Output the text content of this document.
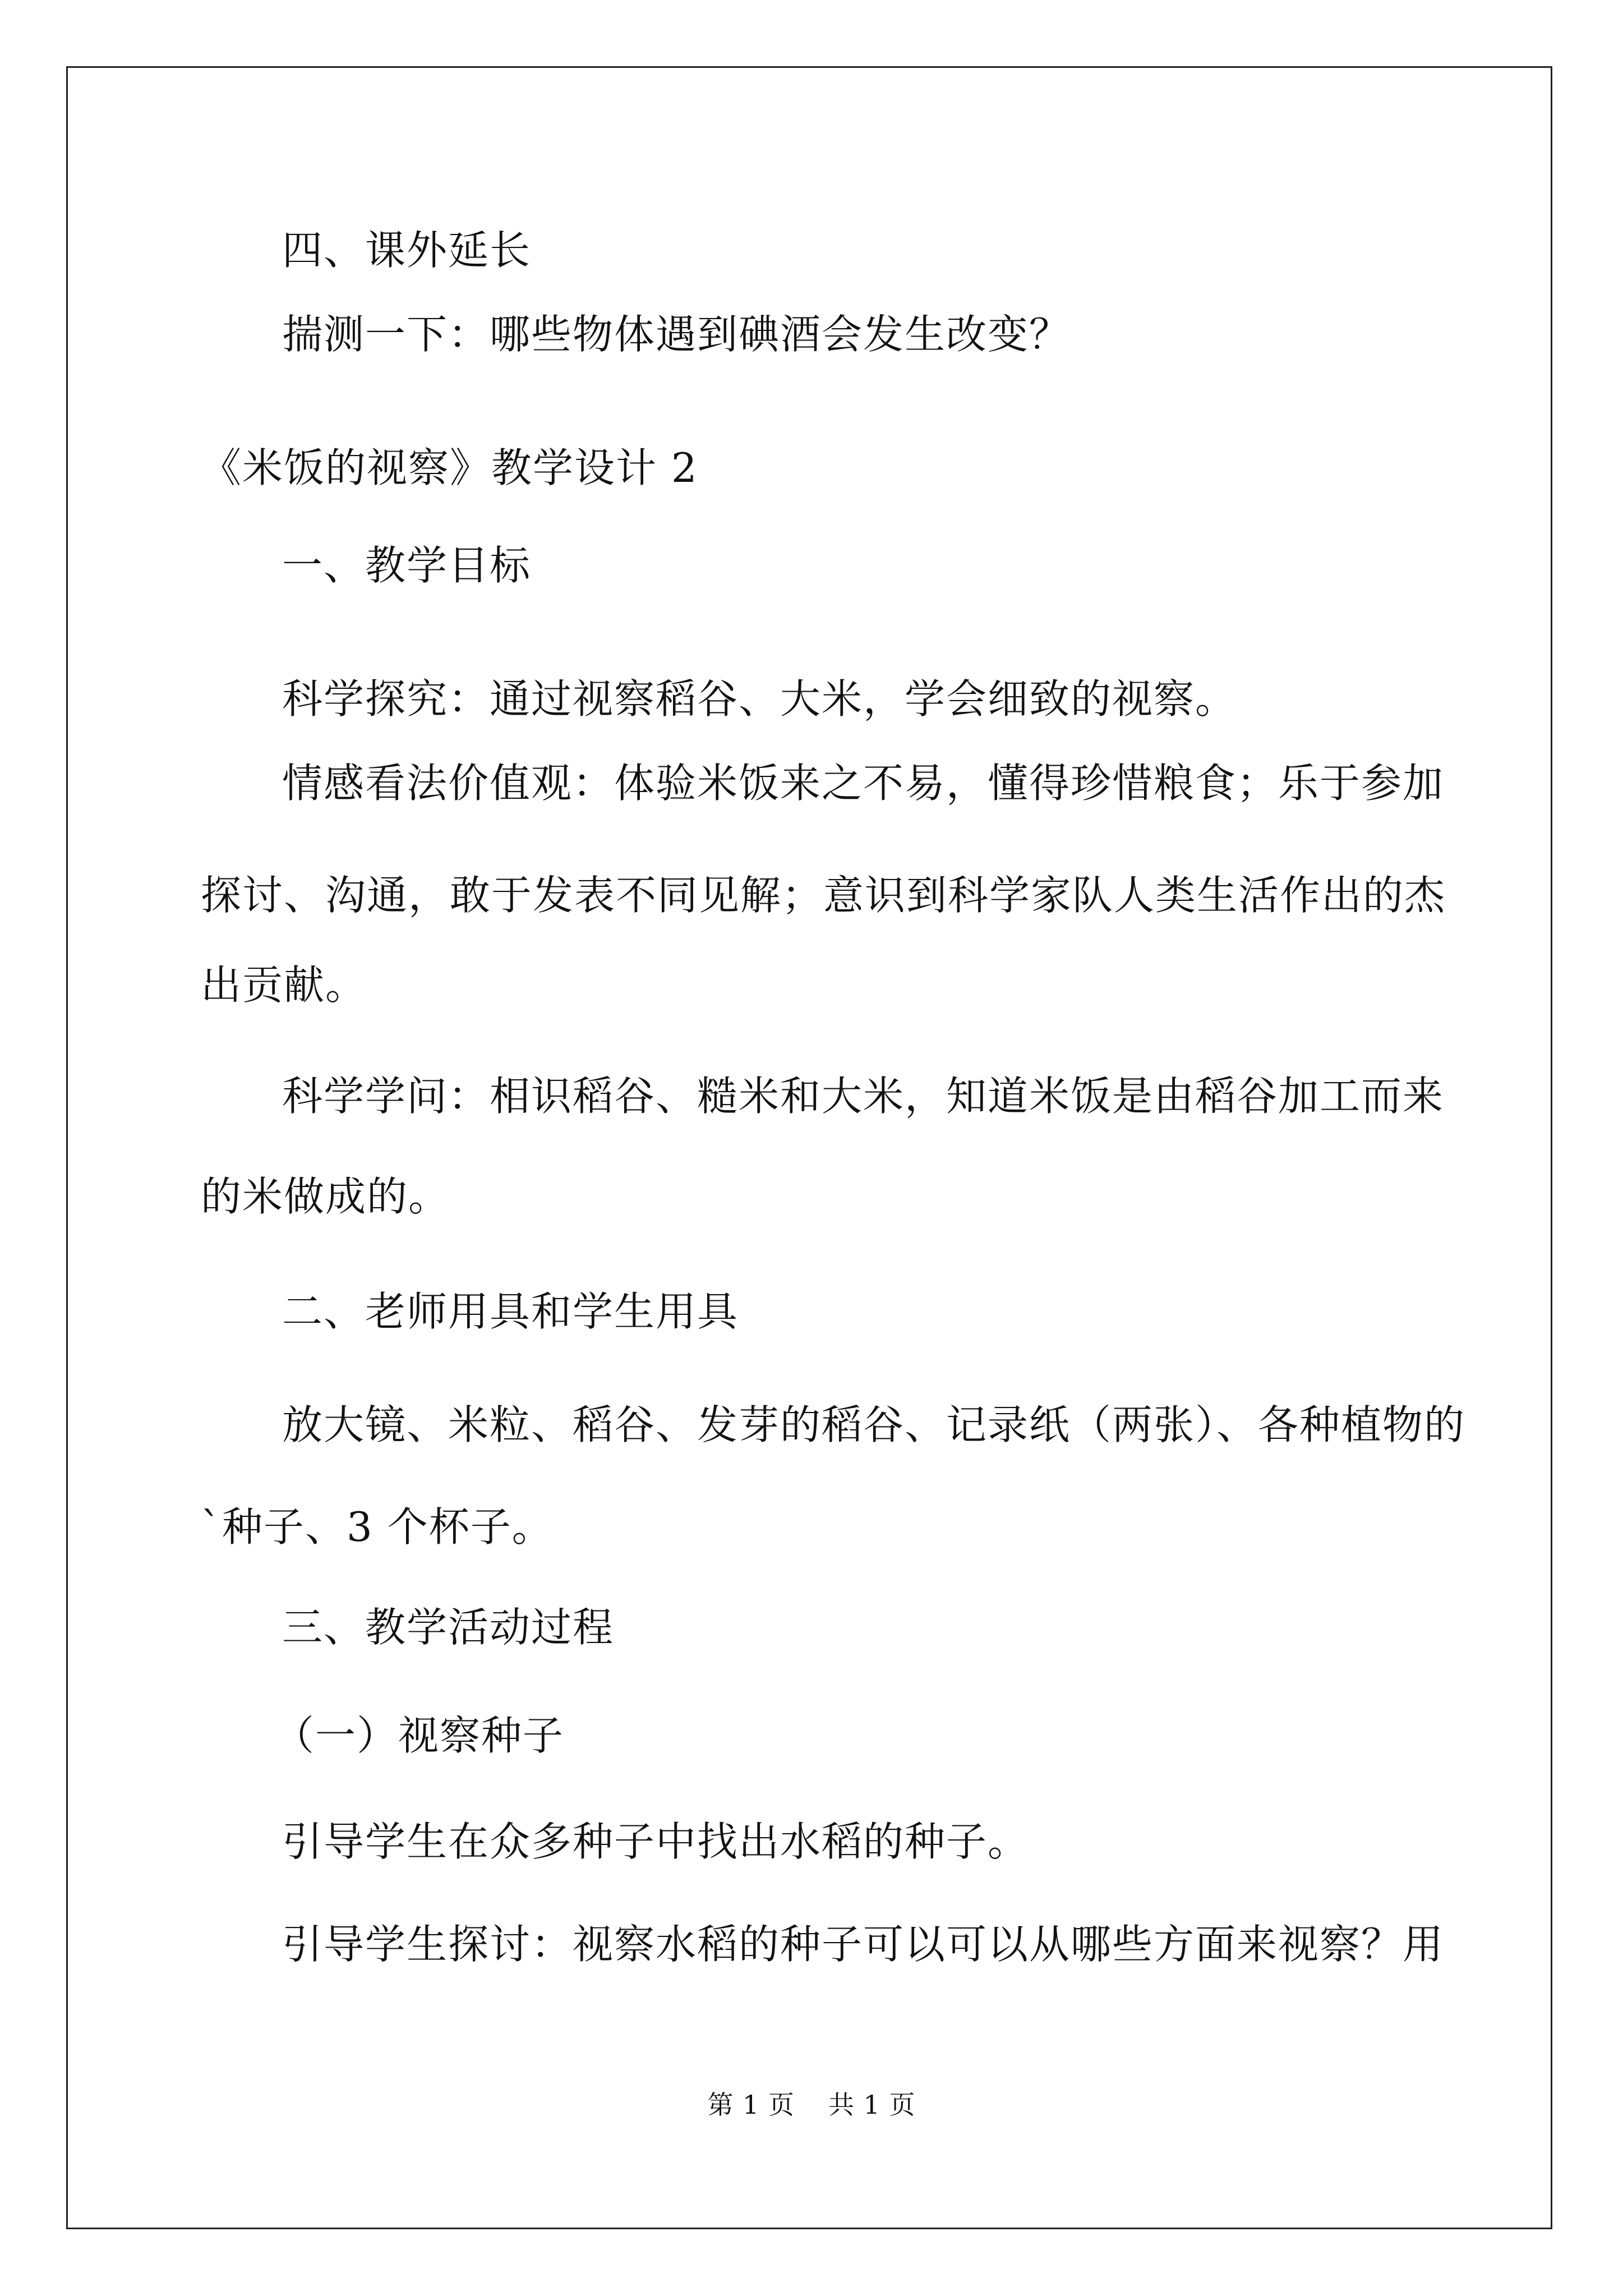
四、课外延长
揣测一下：哪些物体遇到碘酒会发生改变？
《米饭的视察》教学设计 2
一、教学目标
科学探究：通过视察稻谷、大米，学会细致的视察。
情感看法价值观：体验米饭来之不易，懂得珍惜粮食；乐于参加
探讨、沟通，敢于发表不同见解；意识到科学家队人类生活作出的杰
出贡献。
科学学问：相识稻谷、糙米和大米，知道米饭是由稻谷加工而来
的米做成的。
二、老师用具和学生用具
放大镜、米粒、稻谷、发芽的稻谷、记录纸（两张）、各种植物的
`种子、3 个杯子。
三、教学活动过程
（一）视察种子
引导学生在众多种子中找出水稻的种子。
引导学生探讨：视察水稻的种子可以可以从哪些方面来视察？用
第 1 页 共 1 页
